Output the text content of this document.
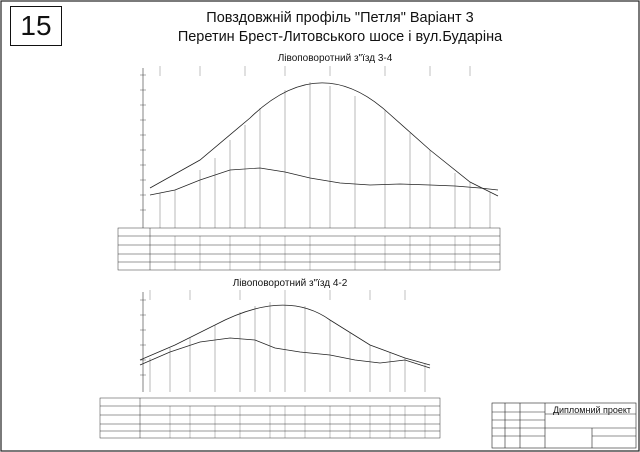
15	Повздовжній профіль "Петля" Варіант 3
Перетин Брест-Литовського шосе і вул.Бударіна
Лівоповоротний з"їзд 3-4
Лівоповоротний з"їзд 4-2
Дипломний проект
